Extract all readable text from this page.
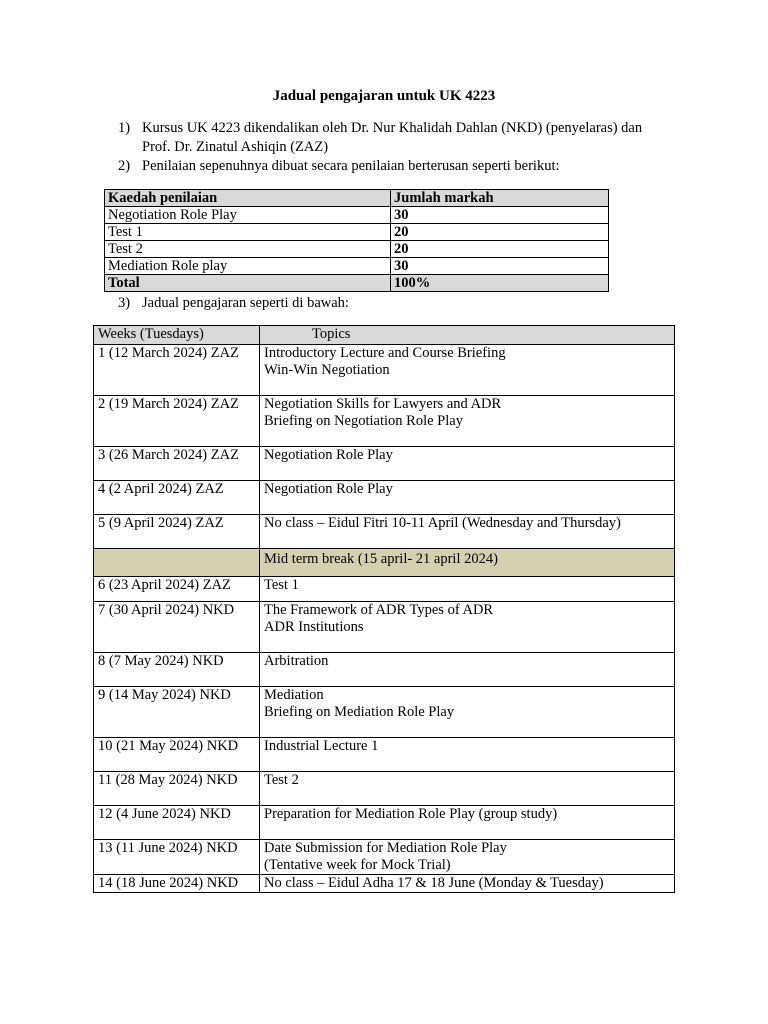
Jadual pengajaran untuk UK 4223
1) Kursus UK 4223 dikendalikan oleh Dr. Nur Khalidah Dahlan (NKD) (penyelaras) dan
Prof. Dr. Zinatul Ashiqin (ZAZ)
2) Penilaian sepenuhnya dibuat secara penilaian berterusan seperti berikut:
Kaedah penilaian	Jumlah markah
Negotiation Role Play	30
Test 1	20
Test 2	20
Mediation Role play	30
Total	100%
3) Jadual pengajaran seperti di bawah:
Weeks (Tuesdays)	Topics
1 (12 March 2024) ZAZ	Introductory Lecture and Course Briefing
Win-Win Negotiation

2 (19 March 2024) ZAZ	Negotiation Skills for Lawyers and ADR
Briefing on Negotiation Role Play

3 (26 March 2024) ZAZ	Negotiation Role Play

4 (2 April 2024) ZAZ	Negotiation Role Play

5 (9 April 2024) ZAZ	No class – Eidul Fitri 10-11 April (Wednesday and Thursday)

	Mid term break (15 april- 21 april 2024)

6 (23 April 2024) ZAZ	Test 1

7 (30 April 2024) NKD	The Framework of ADR Types of ADR
ADR Institutions

8 (7 May 2024) NKD	Arbitration

9 (14 May 2024) NKD	Mediation
Briefing on Mediation Role Play

10 (21 May 2024) NKD	Industrial Lecture 1

11 (28 May 2024) NKD	Test 2

12 (4 June 2024) NKD	Preparation for Mediation Role Play (group study)

13 (11 June 2024) NKD	Date Submission for Mediation Role Play
(Tentative week for Mock Trial)

14 (18 June 2024) NKD	No class – Eidul Adha 17 & 18 June (Monday & Tuesday)
